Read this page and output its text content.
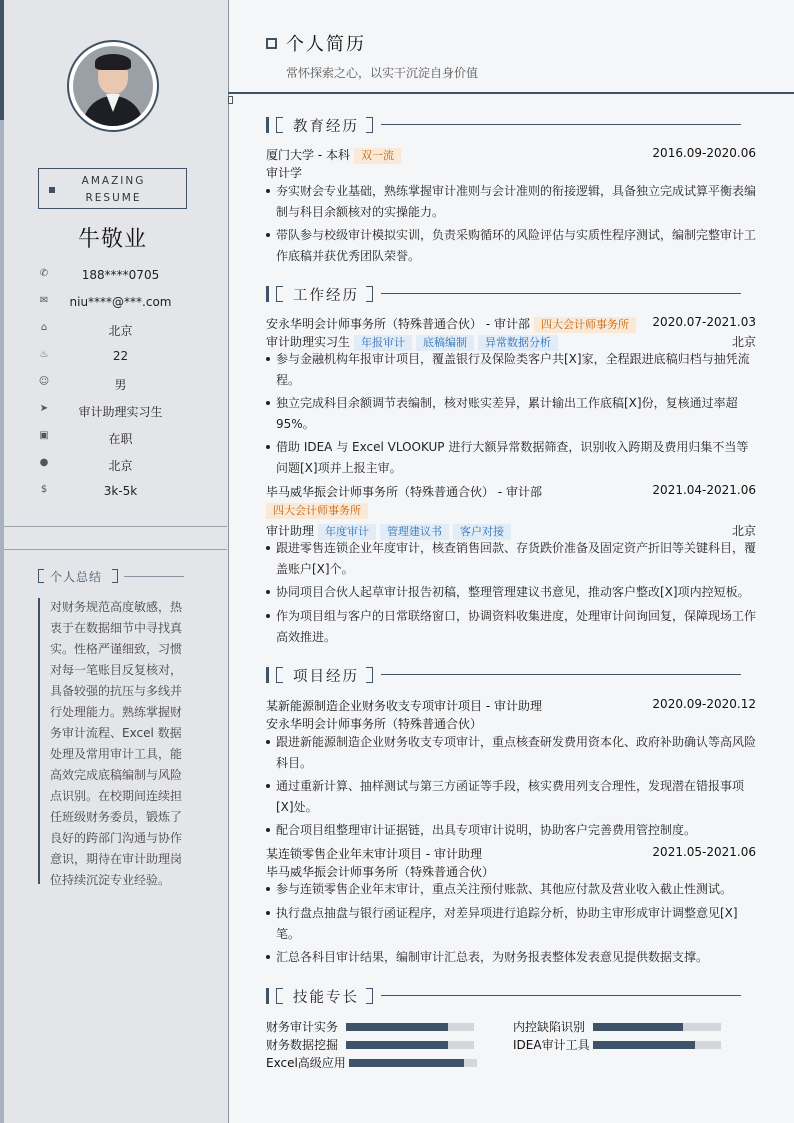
AMAZING
RESUME
牛敬业
✆	188****0705
✉	niu****@***.com
⌂	北京
♨	22
☺	男
➤	审计助理实习生
▣	在职
●	北京
$	3k-5k
个人总结
对财务规范高度敏感，热衷于在数据细节中寻找真实。性格严谨细致，习惯对每一笔账目反复核对，具备较强的抗压与多线并行处理能力。熟练掌握财务审计流程、Excel 数据处理及常用审计工具，能高效完成底稿编制与风险点识别。在校期间连续担任班级财务委员，锻炼了良好的跨部门沟通与协作意识，期待在审计助理岗位持续沉淀专业经验。
个人简历
常怀探索之心，以实干沉淀自身价值
教育经历
厦门大学 - 本科 双一流	2016.09-2020.06
审计学
夯实财会专业基础，熟练掌握审计准则与会计准则的衔接逻辑，具备独立完成试算平衡表编制与科目余额核对的实操能力。
带队参与校级审计模拟实训，负责采购循环的风险评估与实质性程序测试，编制完整审计工作底稿并获优秀团队荣誉。
工作经历
安永华明会计师事务所（特殊普通合伙） - 审计部 四大会计师事务所	2020.07-2021.03
审计助理实习生 年报审计 底稿编制 异常数据分析	北京
参与金融机构年报审计项目，覆盖银行及保险类客户共[X]家，全程跟进底稿归档与抽凭流程。
独立完成科目余额调节表编制，核对账实差异，累计输出工作底稿[X]份，复核通过率超95%。
借助 IDEA 与 Excel VLOOKUP 进行大额异常数据筛查，识别收入跨期及费用归集不当等问题[X]项并上报主审。
毕马威华振会计师事务所（特殊普通合伙） - 审计部	2021.04-2021.06
四大会计师事务所
审计助理 年度审计 管理建议书 客户对接	北京
跟进零售连锁企业年度审计，核查销售回款、存货跌价准备及固定资产折旧等关键科目，覆盖账户[X]个。
协同项目合伙人起草审计报告初稿，整理管理建议书意见，推动客户整改[X]项内控短板。
作为项目组与客户的日常联络窗口，协调资料收集进度，处理审计问询回复，保障现场工作高效推进。
项目经历
某新能源制造企业财务收支专项审计项目 - 审计助理	2020.09-2020.12
安永华明会计师事务所（特殊普通合伙）
跟进新能源制造企业财务收支专项审计，重点核查研发费用资本化、政府补助确认等高风险科目。
通过重新计算、抽样测试与第三方函证等手段，核实费用列支合理性，发现潜在错报事项[X]处。
配合项目组整理审计证据链，出具专项审计说明，协助客户完善费用管控制度。
某连锁零售企业年末审计项目 - 审计助理	2021.05-2021.06
毕马威华振会计师事务所（特殊普通合伙）
参与连锁零售企业年末审计，重点关注预付账款、其他应付款及营业收入截止性测试。
执行盘点抽盘与银行函证程序，对差异项进行追踪分析，协助主审形成审计调整意见[X]笔。
汇总各科目审计结果，编制审计汇总表，为财务报表整体发表意见提供数据支撑。
技能专长
财务审计实务	内控缺陷识别
财务数据挖掘	IDEA审计工具
Excel高级应用
